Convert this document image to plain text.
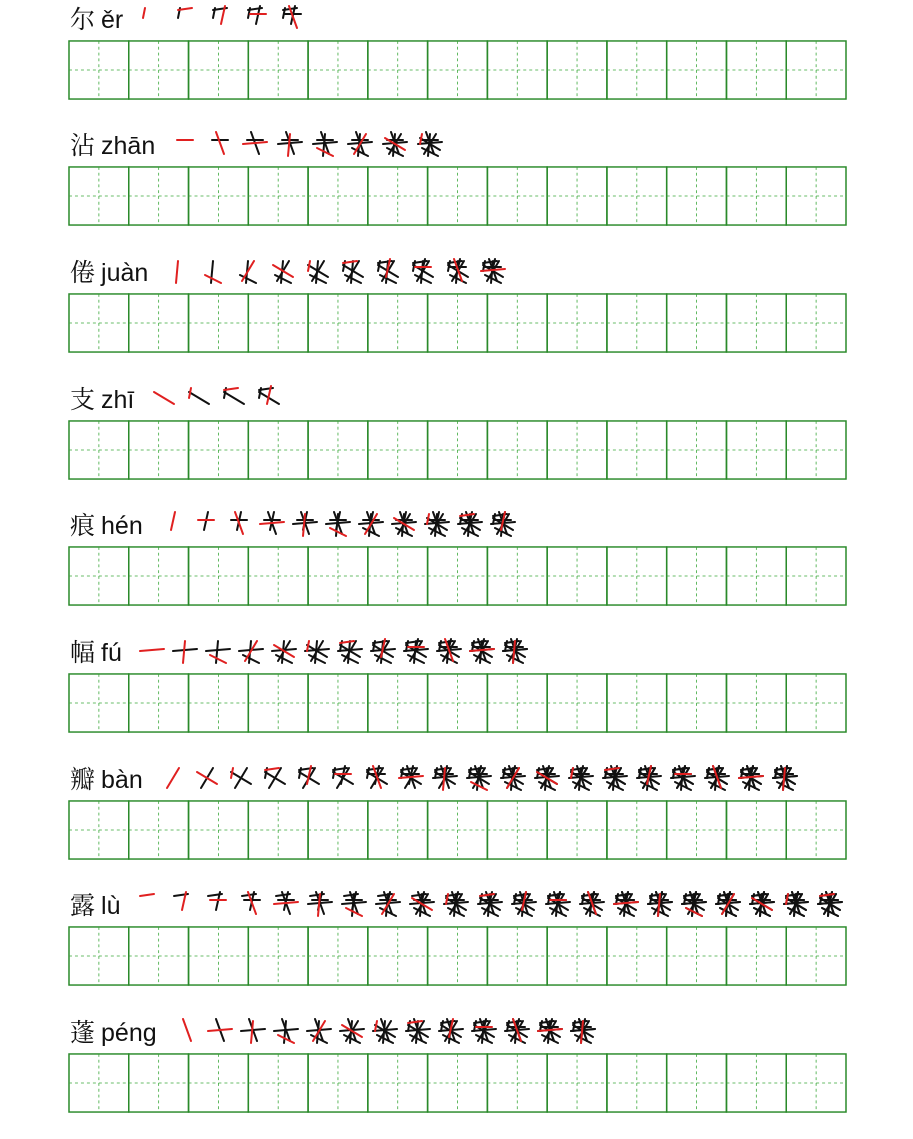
尔 ěr
沾 zhān
倦 juàn
支 zhī
痕 hén
幅 fú
瓣 bàn
露 lù
蓬 péng
